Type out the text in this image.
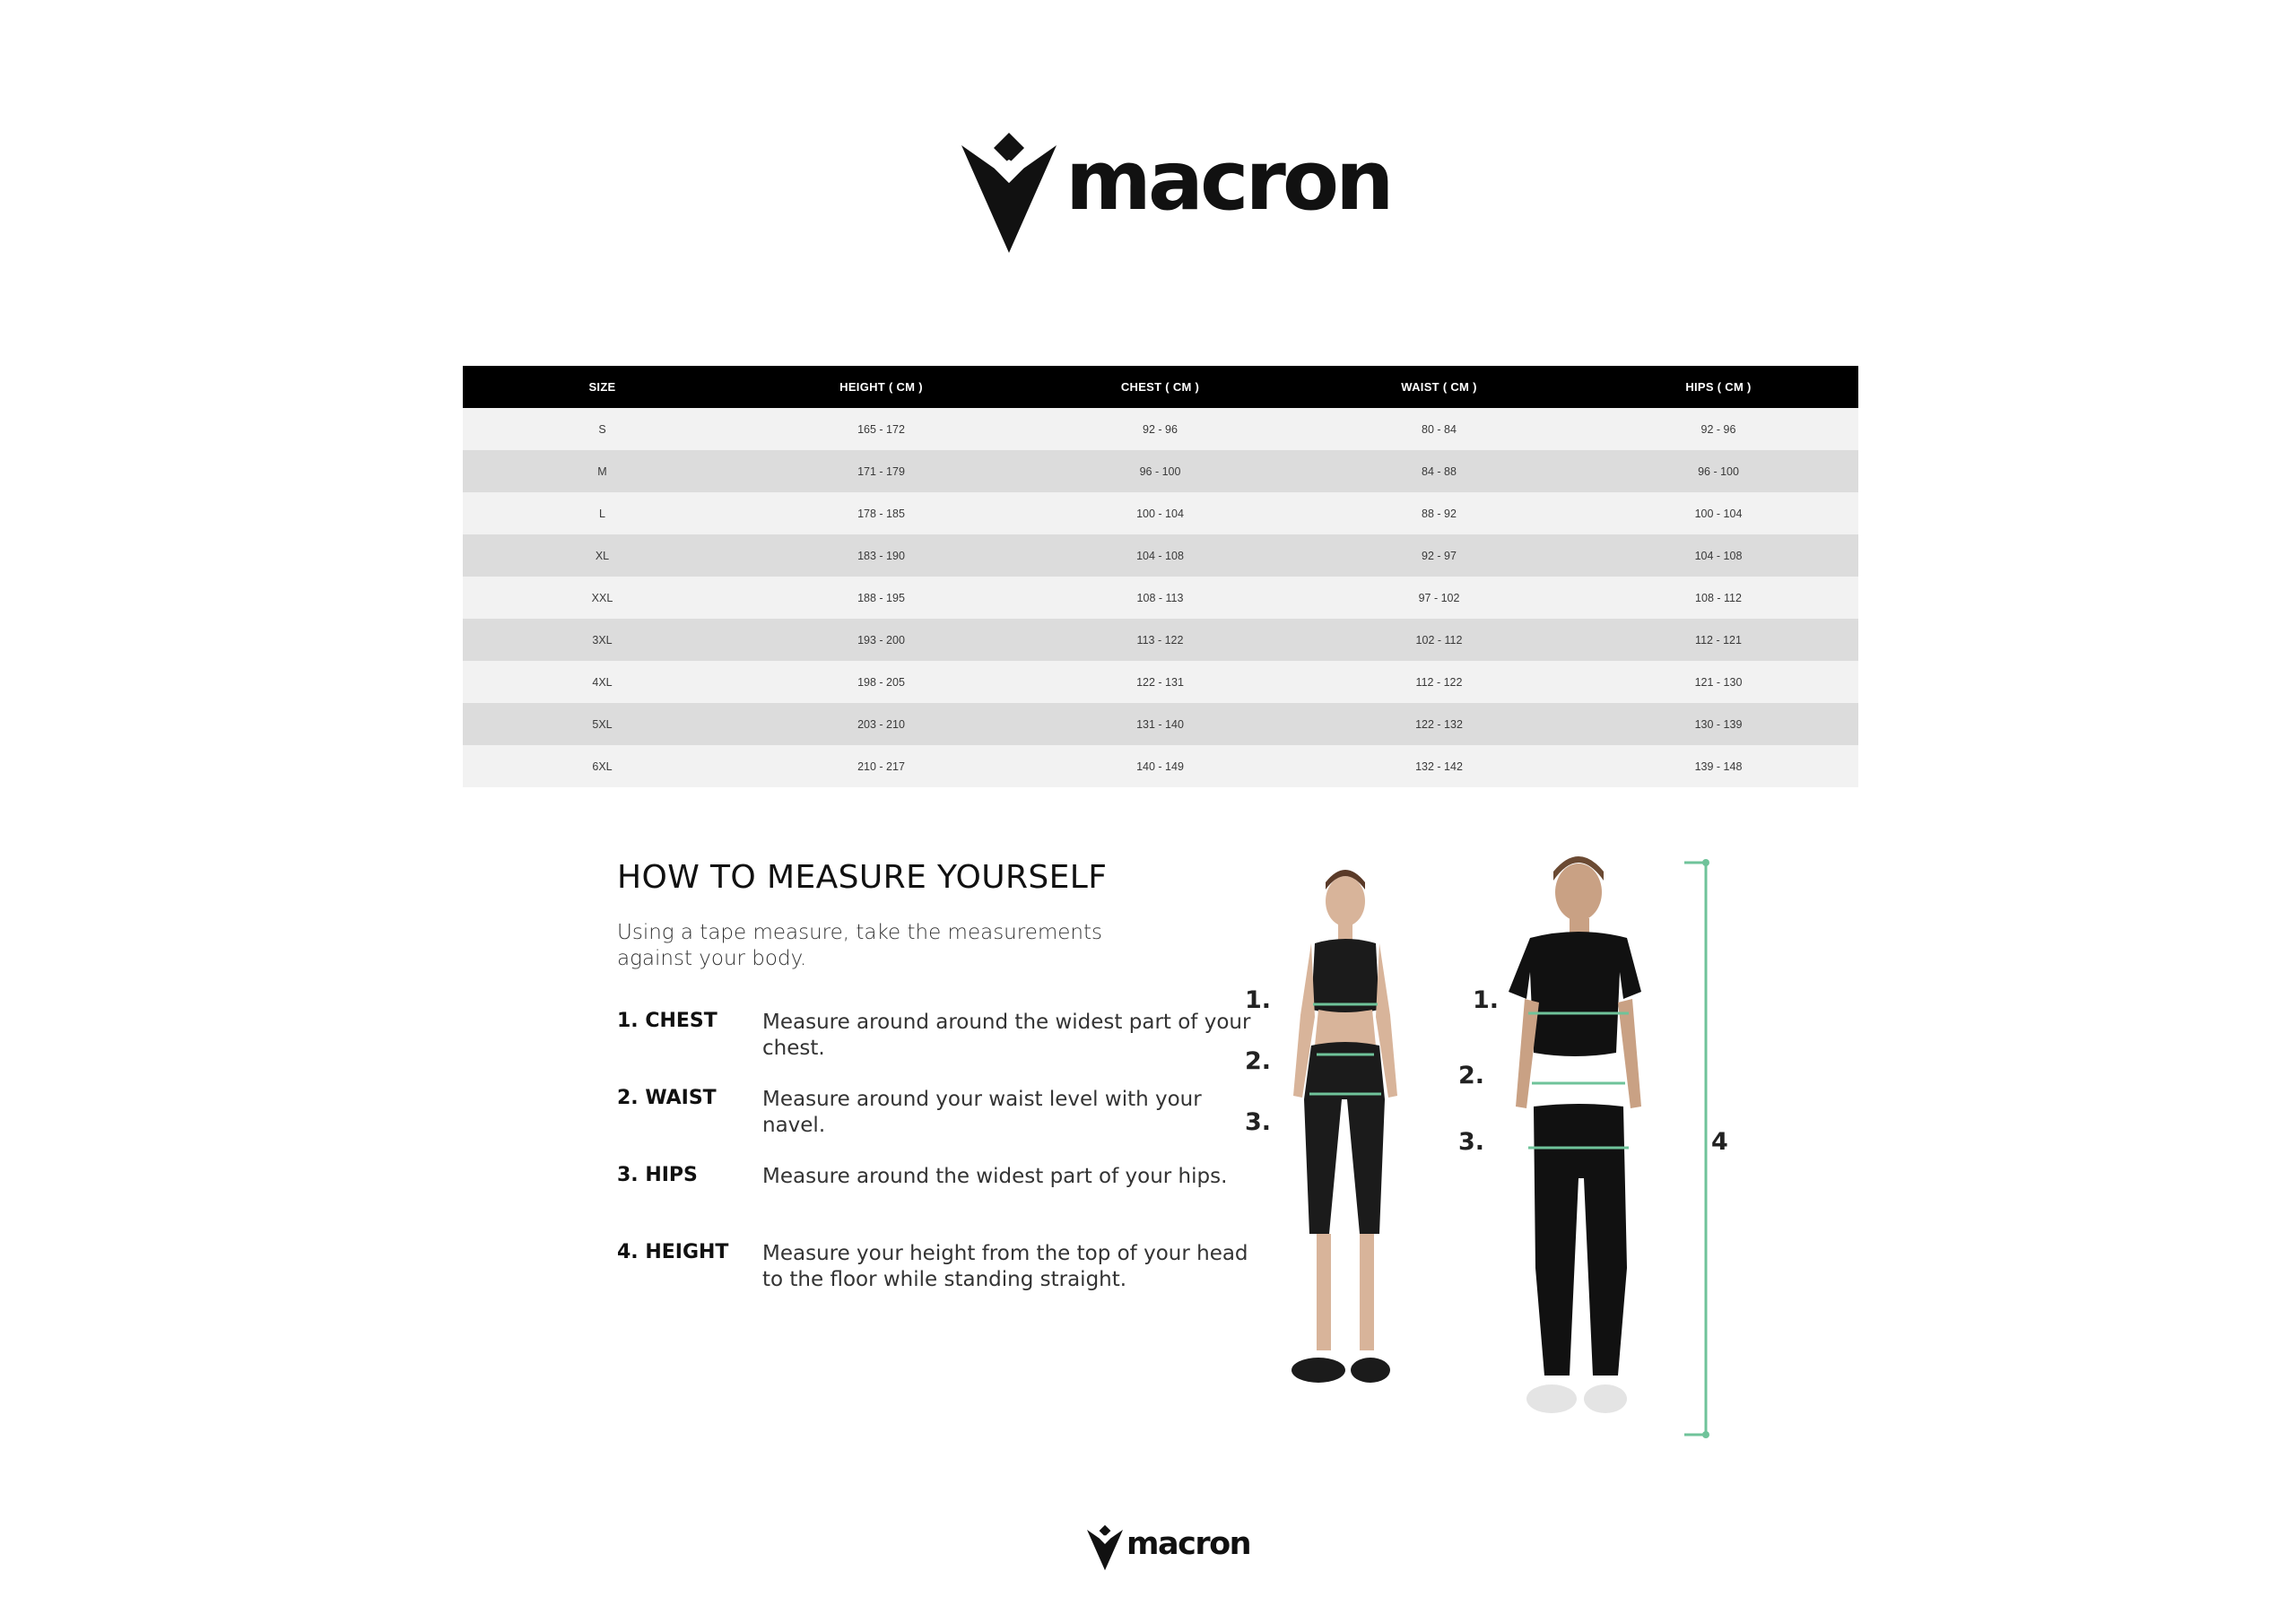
macron
SIZE	HEIGHT ( CM )	CHEST ( CM )	WAIST ( CM )	HIPS ( CM )
S	165 - 172	92 - 96	80 - 84	92 - 96
M	171 - 179	96 - 100	84 - 88	96 - 100
L	178 - 185	100 - 104	88 - 92	100 - 104
XL	183 - 190	104 - 108	92 - 97	104 - 108
XXL	188 - 195	108 - 113	97 - 102	108 - 112
3XL	193 - 200	113 - 122	102 - 112	112 - 121
4XL	198 - 205	122 - 131	112 - 122	121 - 130
5XL	203 - 210	131 - 140	122 - 132	130 - 139
6XL	210 - 217	140 - 149	132 - 142	139 - 148
HOW TO MEASURE YOURSELF
Using a tape measure, take the measurements against your body.
1. CHEST Measure around around the widest part of your chest.
2. WAIST Measure around your waist level with your navel.
3. HIPS	Measure around the widest part of your hips.
4. HEIGHT Measure your height from the top of your head to the floor while standing straight.
1.
2.
3.
1.
2.
3.	4
macron
